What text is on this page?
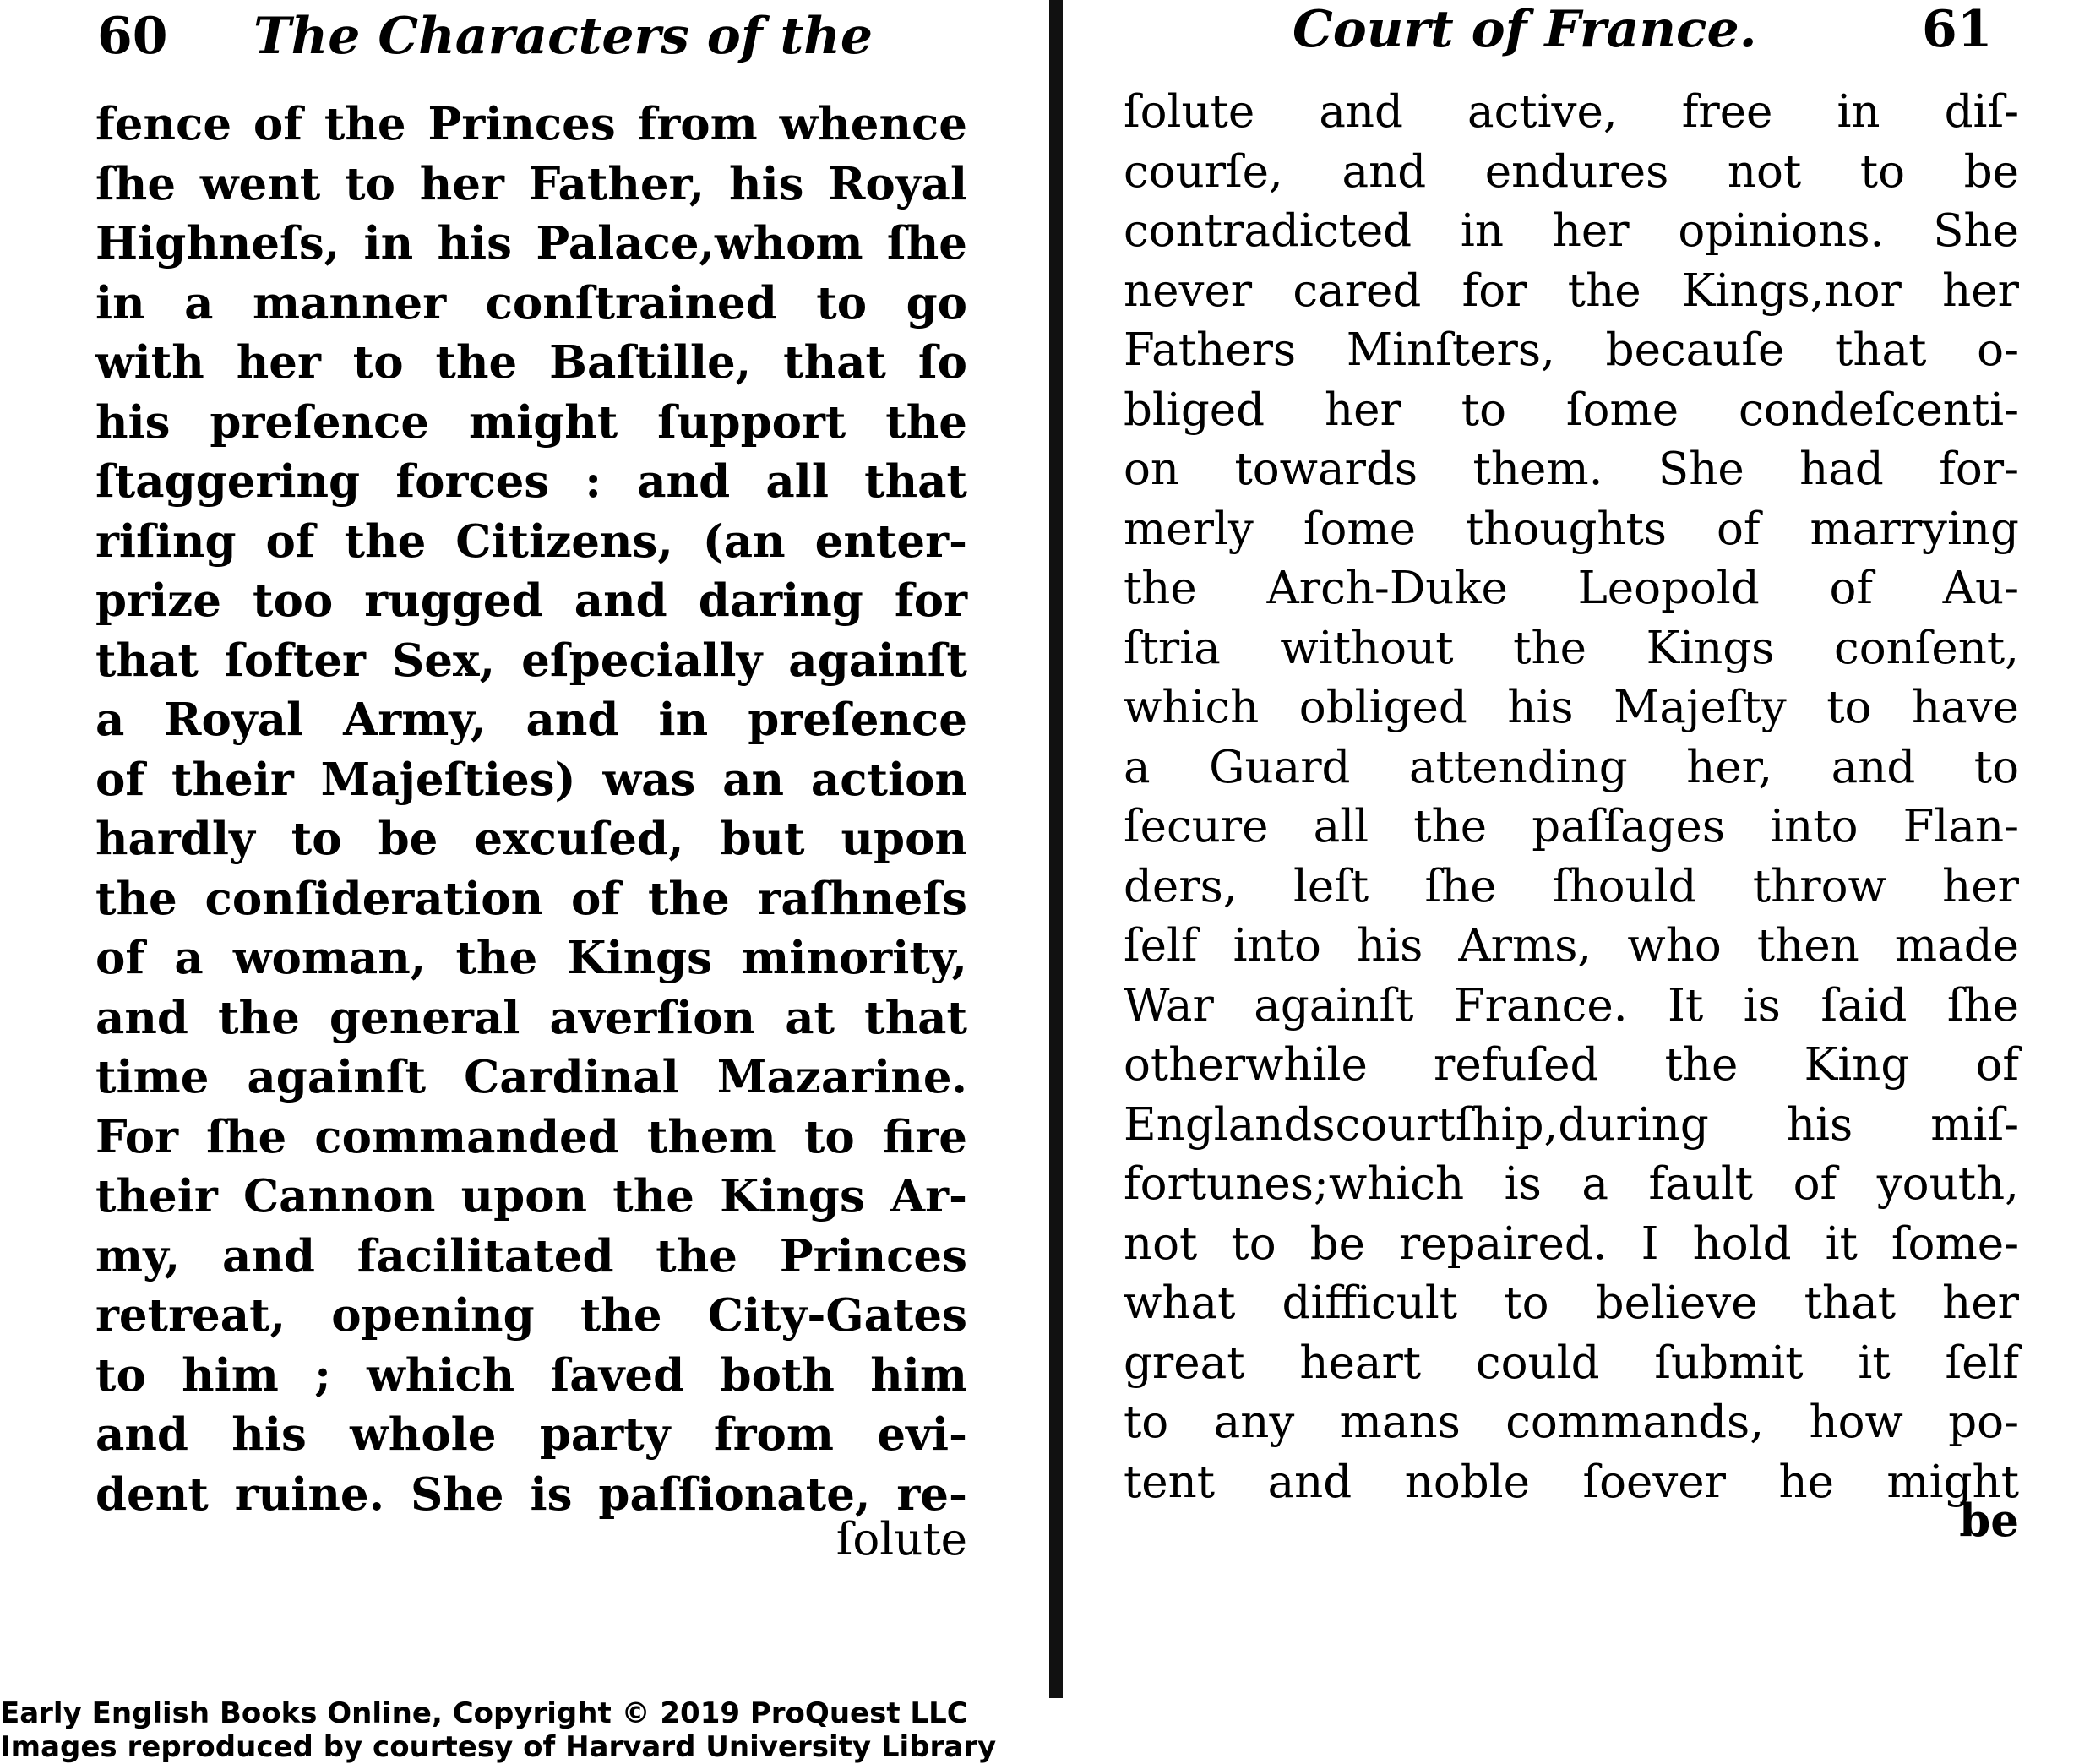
60 The Characters of the
fence of the Princes from whence
ſhe went to her Father, his Royal
Highneſs, in his Palace,whom ſhe
in a manner conſtrained to go
with her to the Baſtille, that ſo
his preſence might ſupport the
ſtaggering forces : and all that
riſing of the Citizens, (an enter-
prize too rugged and daring for
that ſofter Sex, eſpecially againſt
a Royal Army, and in preſence
of their Majeſties) was an action
hardly to be excuſed, but upon
the conſideration of the raſhneſs
of a woman, the Kings minority,
and the general averſion at that
time againſt Cardinal Mazarine.
For ſhe commanded them to fire
their Cannon upon the Kings Ar-
my, and facilitated the Princes
retreat, opening the City-Gates
to him ; which ſaved both him
and his whole party from evi-
dent ruine. She is paſſionate, re-
ſolute
Court of France.	61
ſolute and active, free in diſ-
courſe, and endures not to be
contradicted in her opinions. She
never cared for the Kings,nor her
Fathers Minſters, becauſe that o-
bliged her to ſome condeſcenti-
on towards them. She had for-
merly ſome thoughts of marrying
the Arch-Duke Leopold of Au-
ſtria without the Kings conſent,
which obliged his Majeſty to have
a Guard attending her, and to
ſecure all the paſſages into Flan-
ders, leſt ſhe ſhould throw her
ſelf into his Arms, who then made
War againſt France. It is ſaid ſhe
otherwhile refuſed the King of
Englandscourtſhip,during his miſ-
fortunes;which is a fault of youth,
not to be repaired. I hold it ſome-
what difficult to believe that her
great heart could ſubmit it ſelf
to any mans commands, how po-
tent and noble ſoever he might
be
Early English Books Online, Copyright © 2019 ProQuest LLC
Images reproduced by courtesy of Harvard University Library
